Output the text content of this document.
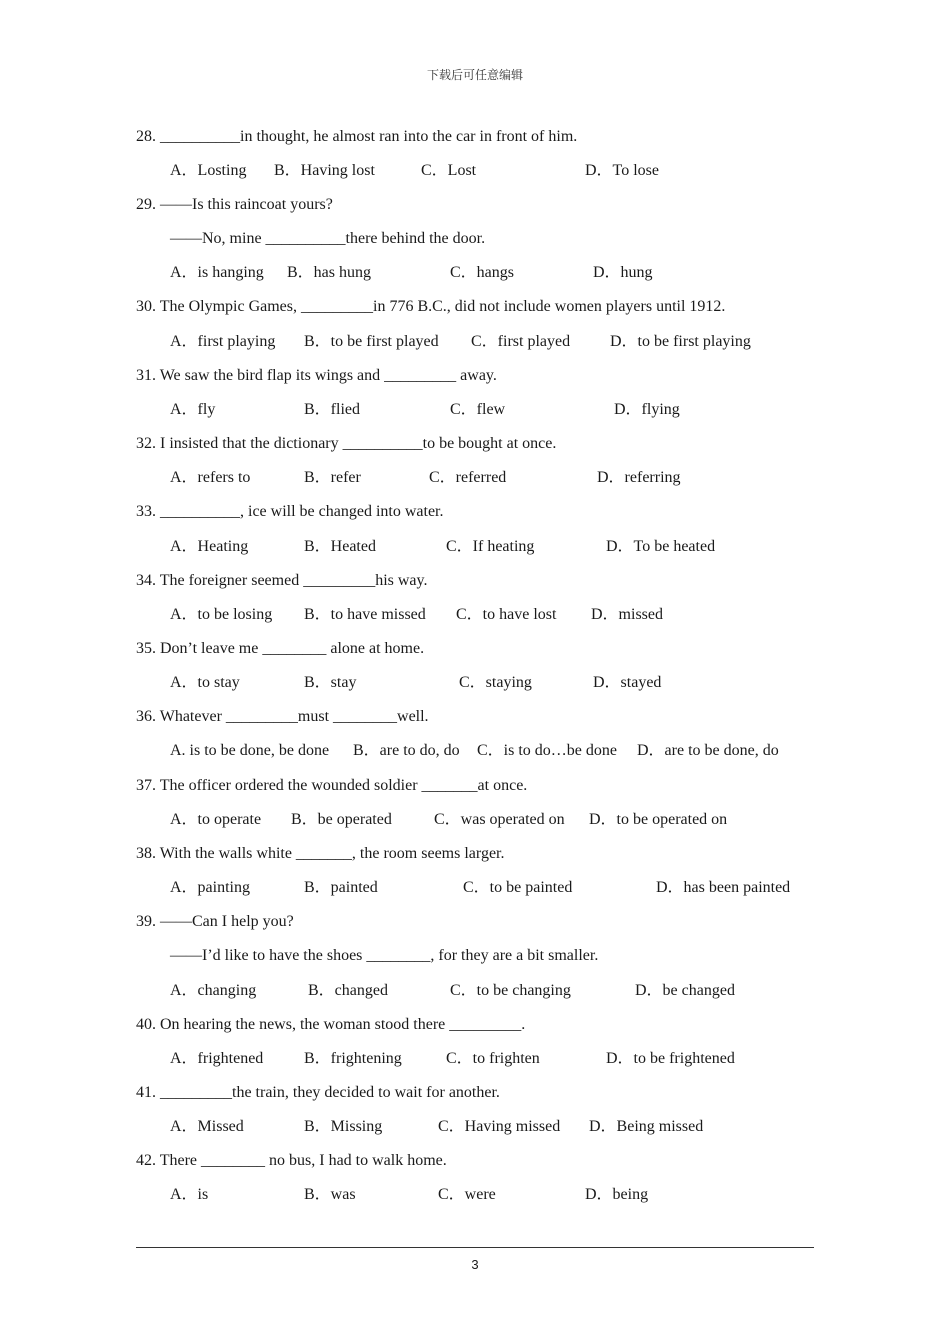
下载后可任意编辑
28. __________in thought, he almost ran into the car in front of him.
A．Losting B．Having lost	C．Lost	D．To lose
29. ——Is this raincoat yours?
——No, mine __________there behind the door.
A．is hanging B．has hung	C．hangs	D．hung
30. The Olympic Games, _________in 776 B.C., did not include women players until 1912.
A．first playing B．to be first played C．first played D．to be first playing
31. We saw the bird flap its wings and _________ away.
A．fly	B．flied	C．flew	D．flying
32. I insisted that the dictionary __________to be bought at once.
A．refers to	B．refer	C．referred	D．referring
33. __________, ice will be changed into water.
A．Heating	B．Heated	C．If heating	D．To be heated
34. The foreigner seemed _________his way.
A．to be losing B．to have missed C．to have lost D．missed
35. Don’t leave me ________ alone at home.
A．to stay	B．stay	C．staying	D．stayed
36. Whatever _________must ________well.
A. is to be done, be done B．are to do, do C．is to do…be done D．are to be done, do
37. The officer ordered the wounded soldier _______at once.
A．to operate B．be operated	C．was operated on D．to be operated on
38. With the walls white _______, the room seems larger.
A．painting	B．painted	C．to be painted	D．has been painted
39. ——Can I help you?
——I’d like to have the shoes ________, for they are a bit smaller.
A．changing	B．changed	C．to be changing	D．be changed
40. On hearing the news, the woman stood there _________.
A．frightened	B．frightening	C．to frighten	D．to be frightened
41. _________the train, they decided to wait for another.
A．Missed	B．Missing	C．Having missed D．Being missed
42. There ________ no bus, I had to walk home.
A．is	B．was	C．were	D．being
3
